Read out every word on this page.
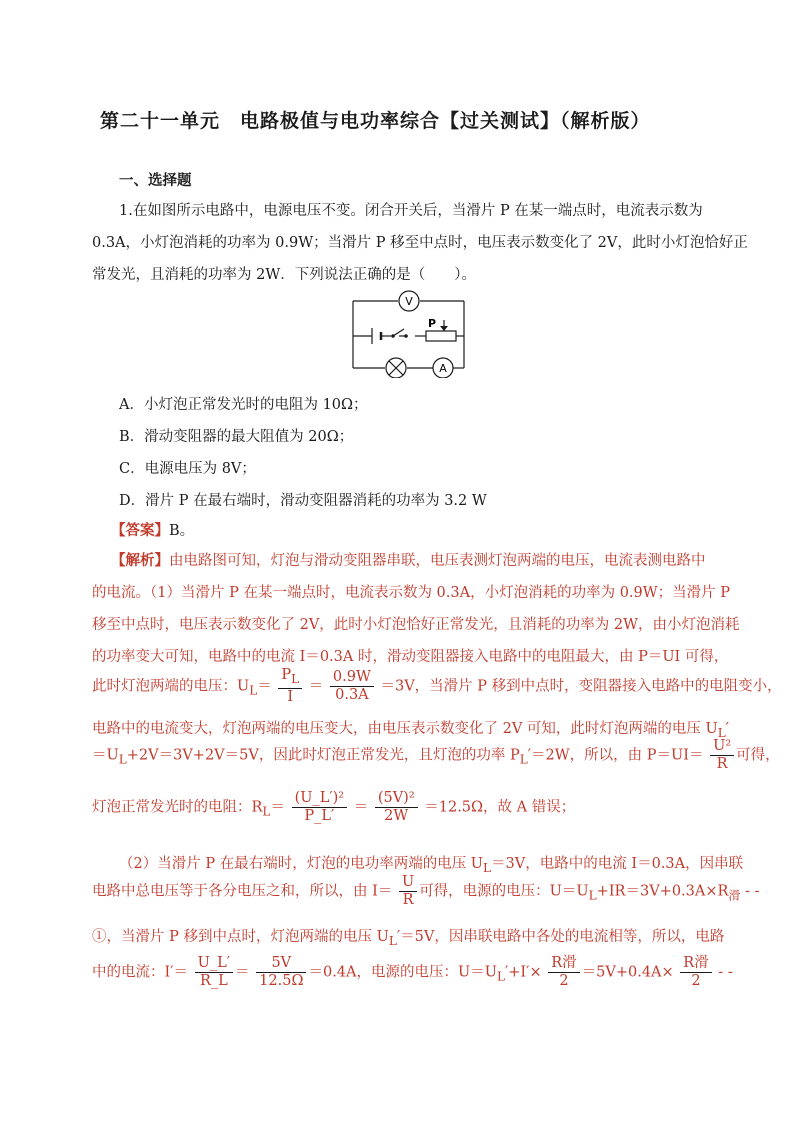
第二十一单元　电路极值与电功率综合【过关测试】（解析版）
一、选择题
1.在如图所示电路中，电源电压不变。闭合开关后，当滑片 P 在某一端点时，电流表示数为
0.3A，小灯泡消耗的功率为 0.9W；当滑片 P 移至中点时，电压表示数变化了 2V，此时小灯泡恰好正
常发光，且消耗的功率为 2W．下列说法正确的是（　　）。
P
V
A
A．小灯泡正常发光时的电阻为 10Ω；
B．滑动变阻器的最大阻值为 20Ω；
C．电源电压为 8V；
D．滑片 P 在最右端时，滑动变阻器消耗的功率为 3.2 W
【答案】B。
【解析】由电路图可知，灯泡与滑动变阻器串联，电压表测灯泡两端的电压，电流表测电路中
的电流。（1）当滑片 P 在某一端点时，电流表示数为 0.3A，小灯泡消耗的功率为 0.9W；当滑片 P
移至中点时，电压表示数变化了 2V，此时小灯泡恰好正常发光，且消耗的功率为 2W，由小灯泡消耗
的功率变大可知，电路中的电流 I＝0.3A 时，滑动变阻器接入电路中的电阻最大，由 P＝UI 可得，
此时灯泡两端的电压：$U_L= \frac{P_L}{I} = \frac{0.9W}{0.3A} =3V$，当滑片 P 移到中点时，变阻器接入电路中的电阻变小，
电路中的电流变大，灯泡两端的电压变大，由电压表示数变化了 2V 可知，此时灯泡两端的电压 $U_L'$
$=U_L+2V=3V+2V=5V$，因此时灯泡正常发光，且灯泡的功率 $P_L'=2W$，所以，由 $P=UI= \frac{\text{U²}}{R}$ 可得，
灯泡正常发光时的电阻：$R_L= \frac{\text{(U\_L′)²}}{P\_L'} = \frac{\text{(5V)²}}{2W} =12.5\Omega$，故 A 错误；
（2）当滑片 P 在最右端时，灯泡的电功率两端的电压 $U_L=3V$，电路中的电流 I＝0.3A，因串联
电路中总电压等于各分电压之和，所以，由 $I= \frac{U}{R}$ 可得，电源的电压：$U=U_L+IR=3V+0.3A\times R_滑$ - -
①，当滑片 P 移到中点时，灯泡两端的电压 $U_L'=5V$，因串联电路中各处的电流相等，所以，电路
中的电流：$I'= \frac{U\_L'}{R\_L} = \frac{5V}{12.5\Omega} =0.4A$，电源的电压：$U=U_L'+I'\times \frac{\text{R滑}}{2} =5V+0.4A\times \frac{\text{R滑}}{2}$ - -
